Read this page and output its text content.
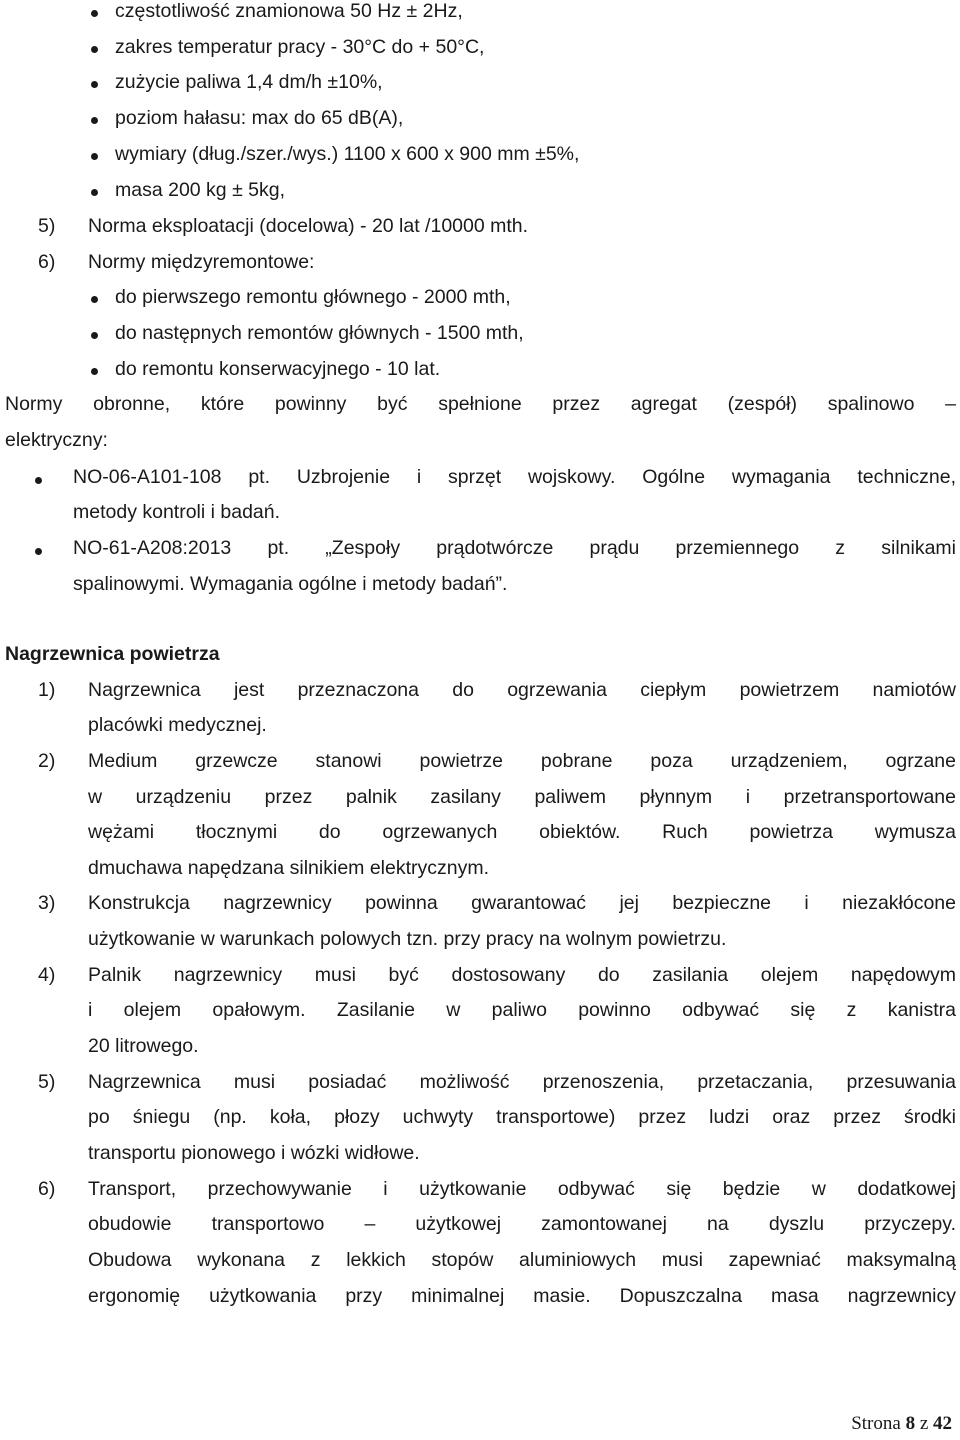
częstotliwość znamionowa 50 Hz ± 2Hz,
zakres temperatur pracy - 30°C do + 50°C,
zużycie paliwa 1,4 dm/h ±10%,
poziom hałasu: max do 65 dB(A),
wymiary (dług./szer./wys.) 1100 x 600 x 900 mm ±5%,
masa 200 kg ± 5kg,
5) Norma eksploatacji (docelowa) - 20 lat /10000 mth.
6) Normy międzyremontowe:
do pierwszego remontu głównego - 2000 mth,
do następnych remontów głównych - 1500 mth,
do remontu konserwacyjnego - 10 lat.
Normy obronne, które powinny być spełnione przez agregat (zespół) spalinowo –
elektryczny:
NO-06-A101-108 pt. Uzbrojenie i sprzęt wojskowy. Ogólne wymagania techniczne,
metody kontroli i badań.
NO-61-A208:2013 pt. „Zespoły prądotwórcze prądu przemiennego z silnikami
spalinowymi. Wymagania ogólne i metody badań”.
Nagrzewnica powietrza
1) Nagrzewnica jest przeznaczona do ogrzewania ciepłym powietrzem namiotów
placówki medycznej.
2) Medium grzewcze stanowi powietrze pobrane poza urządzeniem, ogrzane
w urządzeniu przez palnik zasilany paliwem płynnym i przetransportowane
wężami tłocznymi do ogrzewanych obiektów. Ruch powietrza wymusza
dmuchawa napędzana silnikiem elektrycznym.
3) Konstrukcja nagrzewnicy powinna gwarantować jej bezpieczne i niezakłócone
użytkowanie w warunkach polowych tzn. przy pracy na wolnym powietrzu.
4) Palnik nagrzewnicy musi być dostosowany do zasilania olejem napędowym
i olejem opałowym. Zasilanie w paliwo powinno odbywać się z kanistra
20 litrowego.
5) Nagrzewnica musi posiadać możliwość przenoszenia, przetaczania, przesuwania
po śniegu (np. koła, płozy uchwyty transportowe) przez ludzi oraz przez środki
transportu pionowego i wózki widłowe.
6) Transport, przechowywanie i użytkowanie odbywać się będzie w dodatkowej
obudowie transportowo – użytkowej zamontowanej na dyszlu przyczepy.
Obudowa wykonana z lekkich stopów aluminiowych musi zapewniać maksymalną
ergonomię użytkowania przy minimalnej masie. Dopuszczalna masa nagrzewnicy
Strona 8 z 42
